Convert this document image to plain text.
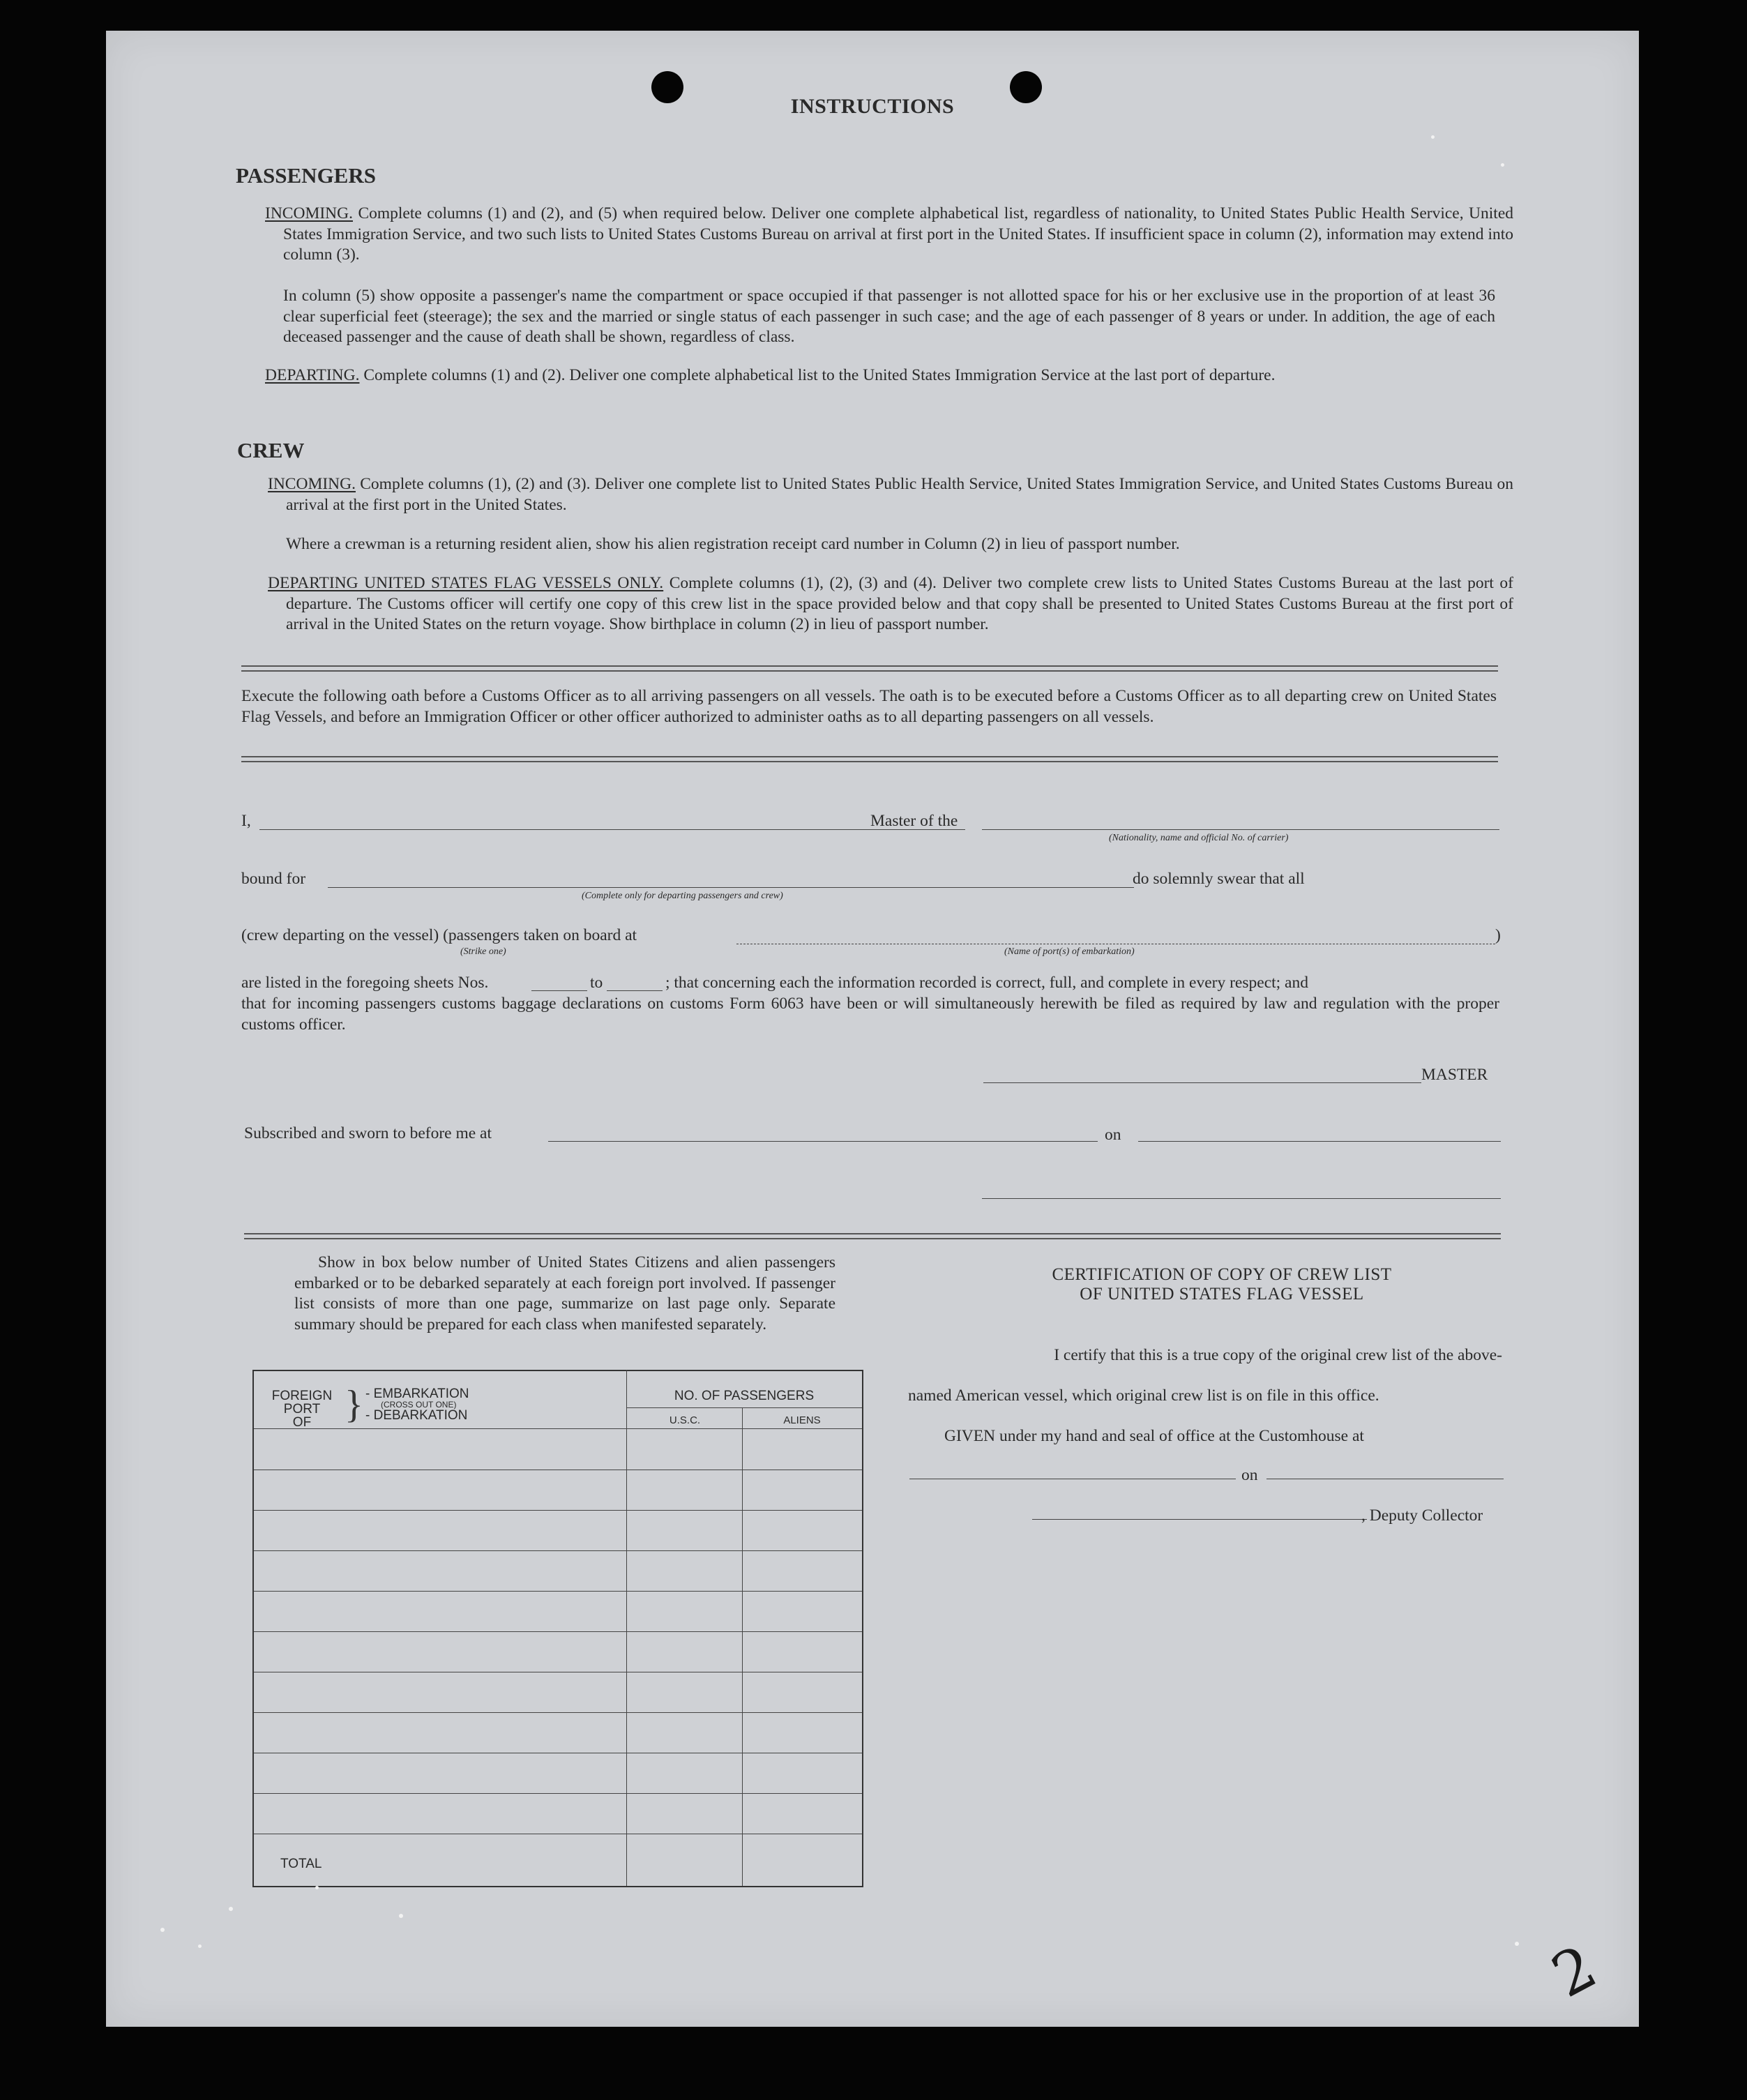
INSTRUCTIONS
PASSENGERS
INCOMING. Complete columns (1) and (2), and (5) when required below. Deliver one complete alphabetical list, regardless of nationality, to United States Public Health Service, United States Immigration Service, and two such lists to United States Customs Bureau on arrival at first port in the United States. If insufficient space in column (2), information may extend into column (3).
In column (5) show opposite a passenger's name the compartment or space occupied if that passenger is not allotted space for his or her exclusive use in the proportion of at least 36 clear superficial feet (steerage); the sex and the married or single status of each passenger in such case; and the age of each passenger of 8 years or under. In addition, the age of each deceased passenger and the cause of death shall be shown, regardless of class.
DEPARTING. Complete columns (1) and (2). Deliver one complete alphabetical list to the United States Immigration Service at the last port of departure.
CREW
INCOMING. Complete columns (1), (2) and (3). Deliver one complete list to United States Public Health Service, United States Immigration Service, and United States Customs Bureau on arrival at the first port in the United States.
Where a crewman is a returning resident alien, show his alien registration receipt card number in Column (2) in lieu of passport number.
DEPARTING UNITED STATES FLAG VESSELS ONLY. Complete columns (1), (2), (3) and (4). Deliver two complete crew lists to United States Customs Bureau at the last port of departure. The Customs officer will certify one copy of this crew list in the space provided below and that copy shall be presented to United States Customs Bureau at the first port of arrival in the United States on the return voyage. Show birthplace in column (2) in lieu of passport number.
Execute the following oath before a Customs Officer as to all arriving passengers on all vessels. The oath is to be executed before a Customs Officer as to all departing crew on United States Flag Vessels, and before an Immigration Officer or other officer authorized to administer oaths as to all departing passengers on all vessels.
I,	Master of the
(Nationality, name and official No. of carrier)
bound for
(Complete only for departing passengers and crew)
do solemnly swear that all
(crew departing on the vessel) (passengers taken on board at	)
(Strike one)	(Name of port(s) of embarkation)
are listed in the foregoing sheets Nos.	to	; that concerning each the information recorded is correct, full, and complete in every respect; and
that for incoming passengers customs baggage declarations on customs Form 6063 have been or will simultaneously herewith be filed as required by law and regulation with the proper customs officer.
MASTER
Subscribed and sworn to before me at	on
Show in box below number of United States Citizens and alien passengers embarked or to be debarked separately at each foreign port involved. If passenger list consists of more than one page, summarize on last page only. Separate summary should be prepared for each class when manifested separately.
FOREIGN
PORT
OF } - EMBARKATION
(CROSS OUT ONE)
- DEBARKATION
NO. OF PASSENGERS
U.S.C.	ALIENS
TOTAL
CERTIFICATION OF COPY OF CREW LIST
OF UNITED STATES FLAG VESSEL
I certify that this is a true copy of the original crew list of the above-
named American vessel, which original crew list is on file in this office.
GIVEN under my hand and seal of office at the Customhouse at
on
, Deputy Collector
2
